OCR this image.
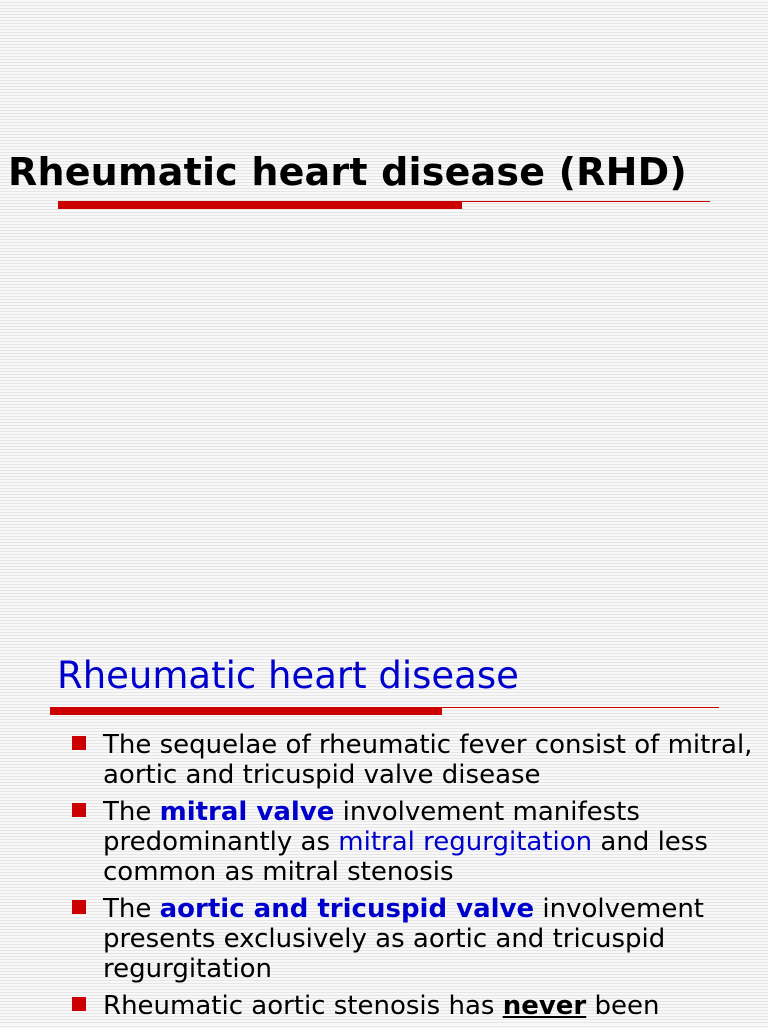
Rheumatic heart disease (RHD)
Rheumatic heart disease
The sequelae of rheumatic fever consist of mitral, aortic and tricuspid valve disease
The mitral valve involvement manifests predominantly as mitral regurgitation and less common as mitral stenosis
The aortic and tricuspid valve involvement presents exclusively as aortic and tricuspid regurgitation
Rheumatic aortic stenosis has never been
